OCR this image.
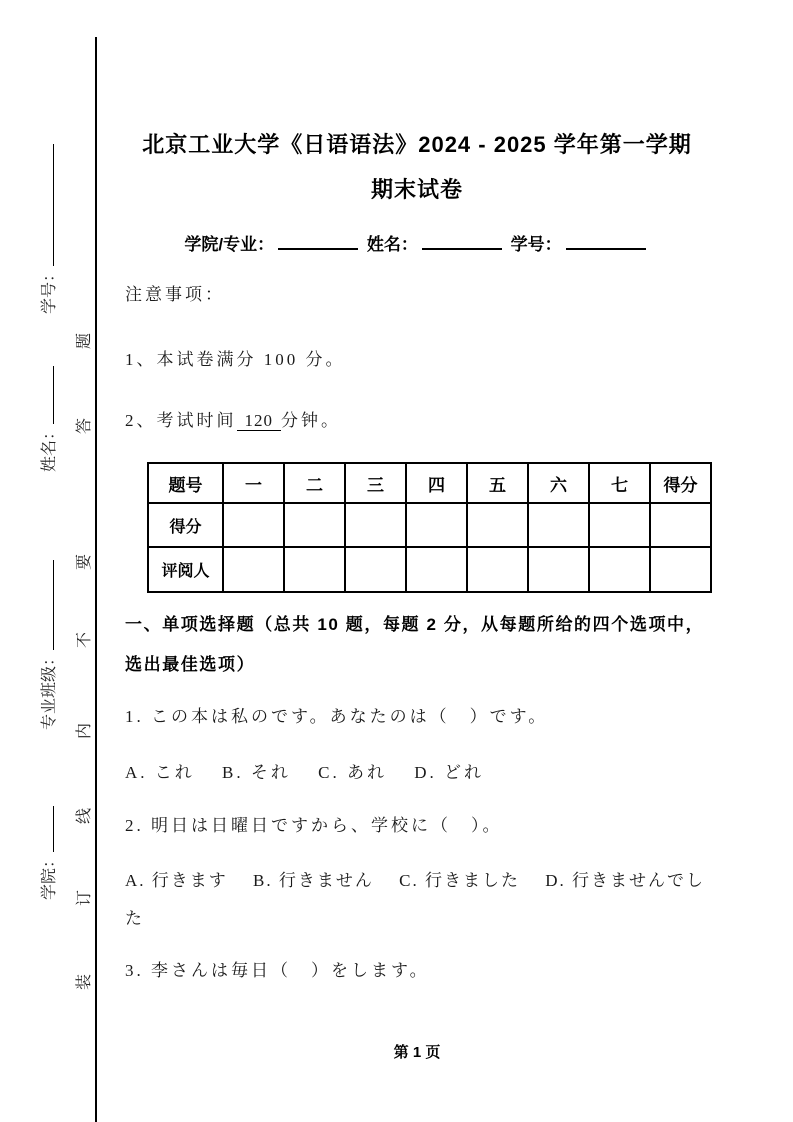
学号：
姓名：
专业班级：
学院：
题
答
要
不
内
线
订
装
北京工业大学《日语语法》2024 - 2025 学年第一学期
期末试卷
学院/专业：	姓名：	学号：
注意事项：
1、本试卷满分 100 分。
2、考试时间 120 分钟。
题号	一	二	三	四	五	六	七	得分
得分								
评阅人								
一、单项选择题（总共 10 题，每题 2 分，从每题所给的四个选项中，
选出最佳选项）
1. この本は私のです。あなたのは（　）です。
A. これ　 B. それ　 C. あれ　 D. どれ
2. 明日は日曜日ですから、学校に（　）。
A. 行きます　 B. 行きません　 C. 行きました　 D. 行きませんでし
た
3. 李さんは毎日（　）をします。
第 1 页
